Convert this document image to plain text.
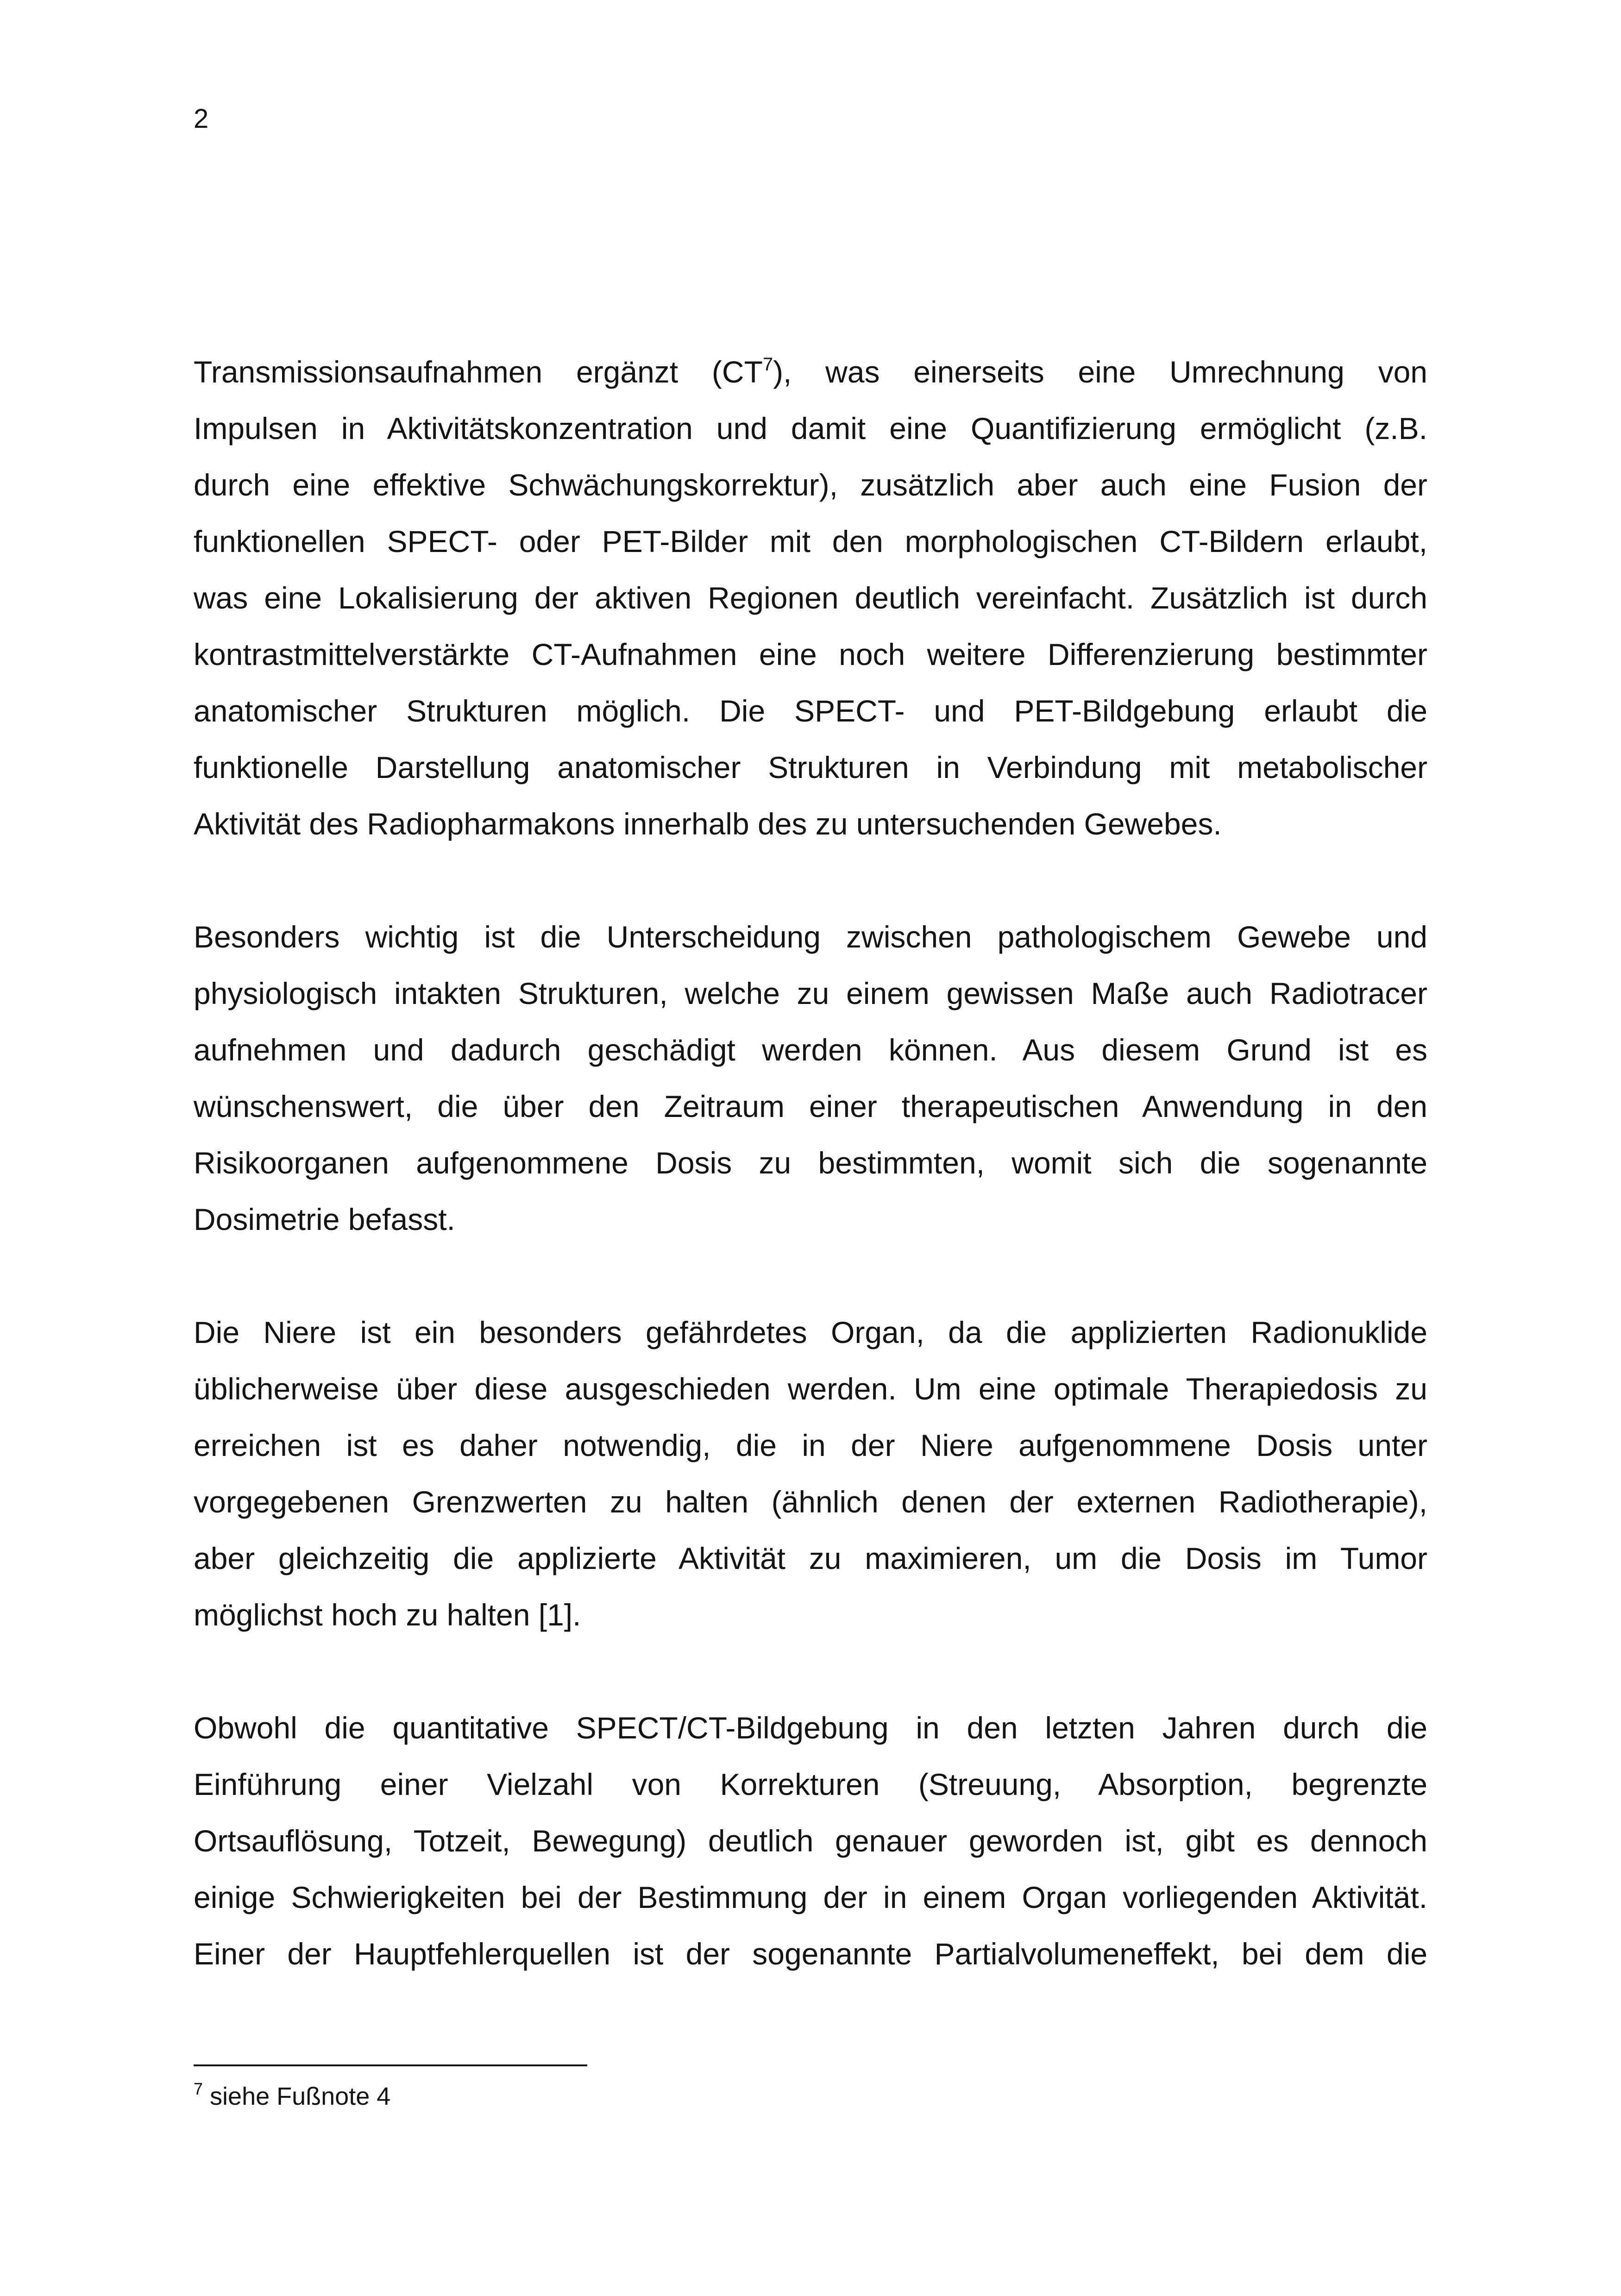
2
Transmissionsaufnahmen ergänzt $(CT^7)$, was einerseits eine Umrechnung von
Impulsen in Aktivitätskonzentration und damit eine Quantifizierung ermöglicht (z.B.
durch eine effektive Schwächungskorrektur), zusätzlich aber auch eine Fusion der
funktionellen SPECT- oder PET-Bilder mit den morphologischen CT-Bildern erlaubt,
was eine Lokalisierung der aktiven Regionen deutlich vereinfacht. Zusätzlich ist durch
kontrastmittelverstärkte CT-Aufnahmen eine noch weitere Differenzierung bestimmter
anatomischer Strukturen möglich. Die SPECT- und PET-Bildgebung erlaubt die
funktionelle Darstellung anatomischer Strukturen in Verbindung mit metabolischer
Aktivität des Radiopharmakons innerhalb des zu untersuchenden Gewebes.
Besonders wichtig ist die Unterscheidung zwischen pathologischem Gewebe und
physiologisch intakten Strukturen, welche zu einem gewissen Maße auch Radiotracer
aufnehmen und dadurch geschädigt werden können. Aus diesem Grund ist es
wünschenswert, die über den Zeitraum einer therapeutischen Anwendung in den
Risikoorganen aufgenommene Dosis zu bestimmten, womit sich die sogenannte
Dosimetrie befasst.
Die Niere ist ein besonders gefährdetes Organ, da die applizierten Radionuklide
üblicherweise über diese ausgeschieden werden. Um eine optimale Therapiedosis zu
erreichen ist es daher notwendig, die in der Niere aufgenommene Dosis unter
vorgegebenen Grenzwerten zu halten (ähnlich denen der externen Radiotherapie),
aber gleichzeitig die applizierte Aktivität zu maximieren, um die Dosis im Tumor
möglichst hoch zu halten [1].
Obwohl die quantitative SPECT/CT-Bildgebung in den letzten Jahren durch die
Einführung einer Vielzahl von Korrekturen (Streuung, Absorption, begrenzte
Ortsauflösung, Totzeit, Bewegung) deutlich genauer geworden ist, gibt es dennoch
einige Schwierigkeiten bei der Bestimmung der in einem Organ vorliegenden Aktivität.
Einer der Hauptfehlerquellen ist der sogenannte Partialvolumeneffekt, bei dem die
$^7$ siehe Fußnote 4
